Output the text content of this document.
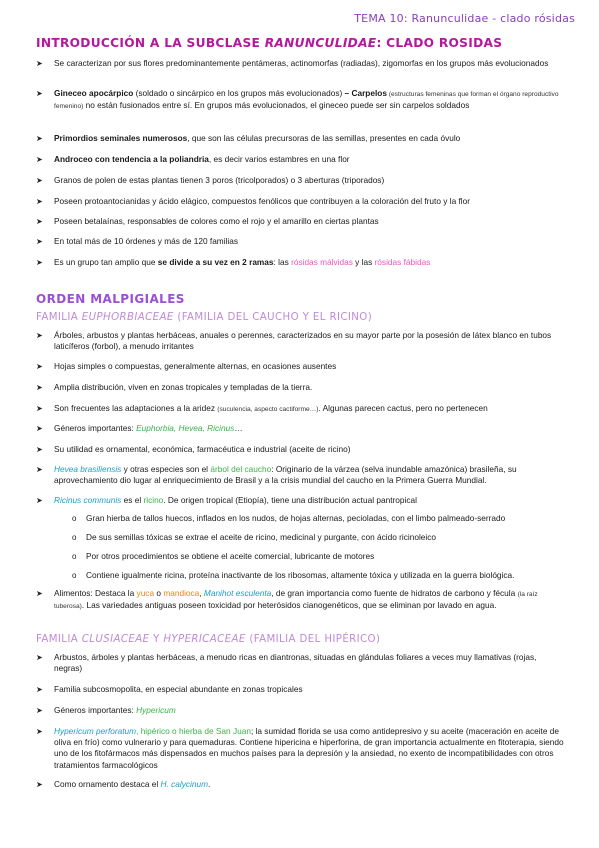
TEMA 10: Ranunculidae - clado rósidas
INTRODUCCIÓN A LA SUBCLASE RANUNCULIDAE: CLADO ROSIDAS
➤ Se caracterizan por sus flores predominantemente pentámeras, actinomorfas (radiadas), zigomorfas en los grupos más evolucionados
➤ Gineceo apocárpico (soldado o sincárpico en los grupos más evolucionados) – Carpelos (estructuras femeninas que forman el órgano reproductivo femenino) no están fusionados entre sí. En grupos más evolucionados, el gineceo puede ser sin carpelos soldados
➤ Primordios seminales numerosos, que son las células precursoras de las semillas, presentes en cada óvulo
➤ Androceo con tendencia a la poliandria, es decir varios estambres en una flor
➤ Granos de polen de estas plantas tienen 3 poros (tricolporados) o 3 aberturas (triporados)
➤ Poseen protoantocianidas y ácido elágico, compuestos fenólicos que contribuyen a la coloración del fruto y la flor
➤ Poseen betalaínas, responsables de colores como el rojo y el amarillo en ciertas plantas
➤ En total más de 10 órdenes y más de 120 familias
➤ Es un grupo tan amplio que se divide a su vez en 2 ramas: las rósidas málvidas y las rósidas fábidas
ORDEN MALPIGIALES
FAMILIA EUPHORBIACEAE (FAMILIA DEL CAUCHO Y EL RICINO)
➤ Árboles, arbustos y plantas herbáceas, anuales o perennes, caracterizados en su mayor parte por la posesión de látex blanco en tubos laticíferos (forbol), a menudo irritantes
➤ Hojas simples o compuestas, generalmente alternas, en ocasiones ausentes
➤ Amplia distribución, viven en zonas tropicales y templadas de la tierra.
➤ Son frecuentes las adaptaciones a la aridez (suculencia, aspecto cactiforme…). Algunas parecen cactus, pero no pertenecen
➤ Géneros importantes: Euphorbia, Hevea, Ricinus…
➤ Su utilidad es ornamental, económica, farmacéutica e industrial (aceite de ricino)
➤ Hevea brasiliensis y otras especies son el árbol del caucho: Originario de la várzea (selva inundable amazónica) brasileña, su aprovechamiento dio lugar al enriquecimiento de Brasil y a la crisis mundial del caucho en la Primera Guerra Mundial.
➤ Ricinus communis es el ricino. De origen tropical (Etiopía), tiene una distribución actual pantropical
o Gran hierba de tallos huecos, inflados en los nudos, de hojas alternas, pecioladas, con el limbo palmeado-serrado
o De sus semillas tóxicas se extrae el aceite de ricino, medicinal y purgante, con ácido ricinoleico
o Por otros procedimientos se obtiene el aceite comercial, lubricante de motores
o Contiene igualmente ricina, proteína inactivante de los ribosomas, altamente tóxica y utilizada en la guerra biológica.
➤ Alimentos: Destaca la yuca o mandioca, Manihot esculenta, de gran importancia como fuente de hidratos de carbono y fécula (la raíz tuberosa). Las variedades antiguas poseen toxicidad por heterósidos cianogenéticos, que se eliminan por lavado en agua.
FAMILIA CLUSIACEAE Y HYPERICACEAE (FAMILIA DEL HIPÉRICO)
➤ Arbustos, árboles y plantas herbáceas, a menudo ricas en diantronas, situadas en glándulas foliares a veces muy llamativas (rojas, negras)
➤ Familia subcosmopolita, en especial abundante en zonas tropicales
➤ Géneros importantes: Hypericum
➤ Hypericum perforatum, hipérico o hierba de San Juan; la sumidad florida se usa como antidepresivo y su aceite (maceración en aceite de oliva en frío) como vulnerario y para quemaduras. Contiene hipericina e hiperforina, de gran importancia actualmente en fitoterapia, siendo uno de los fitofármacos más dispensados en muchos países para la depresión y la ansiedad, no exento de incompatibilidades con otros tratamientos farmacológicos
➤ Como ornamento destaca el H. calycinum.
